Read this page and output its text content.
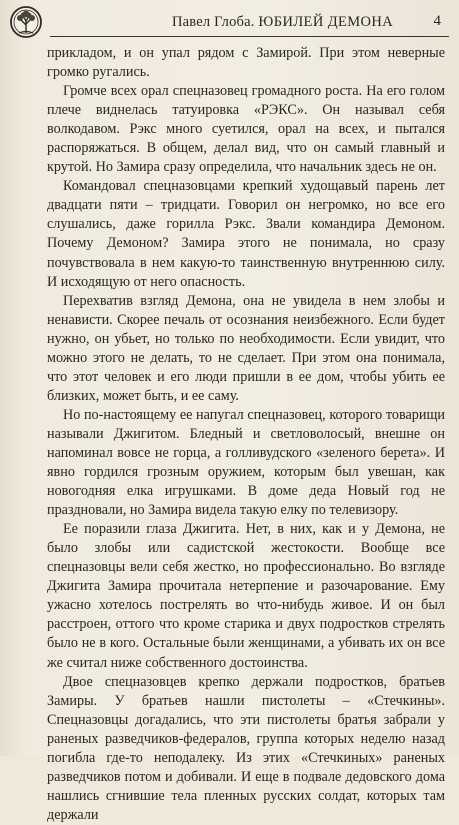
Павел Глоба. ЮБИЛЕЙ ДЕМОНА	4

прикладом, и он упал рядом с Замирой. При этом неверные громко ругались.

Громче всех орал спецназовец громадного роста. На его голом плече виднелась татуировка «РЭКС». Он называл себя волкодавом. Рэкс много суетился, орал на всех, и пытался распоряжаться. В общем, делал вид, что он самый главный и крутой. Но Замира сразу определила, что начальник здесь не он.

Командовал спецназовцами крепкий худощавый парень лет двадцати пяти – тридцати. Говорил он негромко, но все его слушались, даже горилла Рэкс. Звали командира Демоном. Почему Демоном? Замира этого не понимала, но сразу почувствовала в нем какую-то таинственную внутреннюю силу. И исходящую от него опасность.

Перехватив взгляд Демона, она не увидела в нем злобы и ненависти. Скорее печаль от осознания неизбежного. Если будет нужно, он убьет, но только по необходимости. Если увидит, что можно этого не делать, то не сделает. При этом она понимала, что этот человек и его люди пришли в ее дом, чтобы убить ее близких, может быть, и ее саму.

Но по-настоящему ее напугал спецназовец, которого товарищи называли Джигитом. Бледный и светловолосый, внешне он напоминал вовсе не горца, а голливудского «зеленого берета». И явно гордился грозным оружием, которым был увешан, как новогодняя елка игрушками. В доме деда Новый год не праздновали, но Замира видела такую елку по телевизору.

Ее поразили глаза Джигита. Нет, в них, как и у Демона, не было злобы или садистской жестокости. Вообще все спецназовцы вели себя жестко, но профессионально. Во взгляде Джигита Замира прочитала нетерпение и разочарование. Ему ужасно хотелось пострелять во что-нибудь живое. И он был расстроен, оттого что кроме старика и двух подростков стрелять было не в кого. Остальные были женщинами, а убивать их он все же считал ниже собственного достоинства.

Двое спецназовцев крепко держали подростков, братьев Замиры. У братьев нашли пистолеты – «Стечкины». Спецназовцы догадались, что эти пистолеты братья забрали у раненых разведчиков-федералов, группа которых неделю назад погибла где-то неподалеку. Из этих «Стечкиных» раненых разведчиков потом и добивали. И еще в подвале дедовского дома нашлись сгнившие тела пленных русских солдат, которых там держали
